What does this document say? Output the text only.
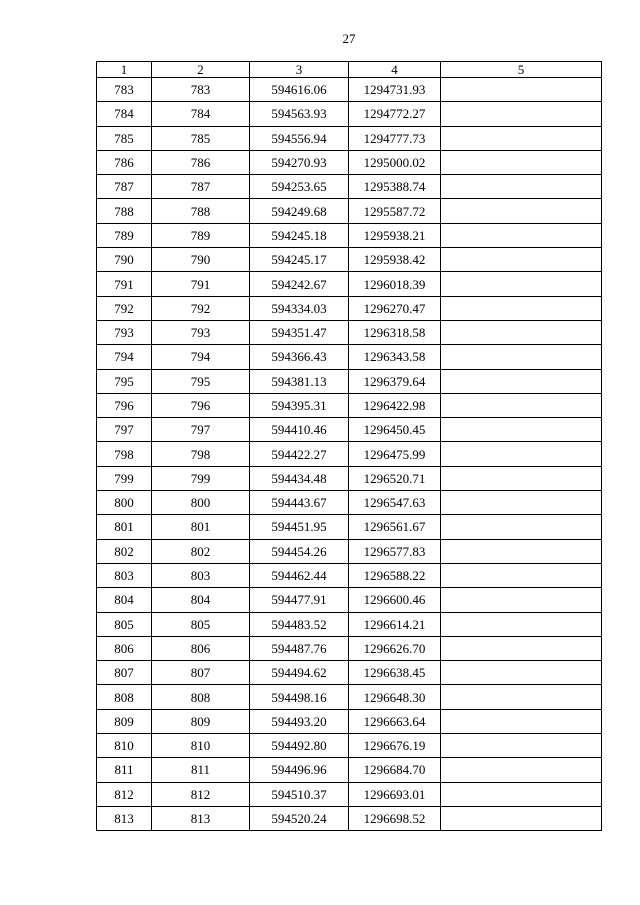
27
1	2	3	4	5
783	783	594616.06	1294731.93	
784	784	594563.93	1294772.27	
785	785	594556.94	1294777.73	
786	786	594270.93	1295000.02	
787	787	594253.65	1295388.74	
788	788	594249.68	1295587.72	
789	789	594245.18	1295938.21	
790	790	594245.17	1295938.42	
791	791	594242.67	1296018.39	
792	792	594334.03	1296270.47	
793	793	594351.47	1296318.58	
794	794	594366.43	1296343.58	
795	795	594381.13	1296379.64	
796	796	594395.31	1296422.98	
797	797	594410.46	1296450.45	
798	798	594422.27	1296475.99	
799	799	594434.48	1296520.71	
800	800	594443.67	1296547.63	
801	801	594451.95	1296561.67	
802	802	594454.26	1296577.83	
803	803	594462.44	1296588.22	
804	804	594477.91	1296600.46	
805	805	594483.52	1296614.21	
806	806	594487.76	1296626.70	
807	807	594494.62	1296638.45	
808	808	594498.16	1296648.30	
809	809	594493.20	1296663.64	
810	810	594492.80	1296676.19	
811	811	594496.96	1296684.70	
812	812	594510.37	1296693.01	
813	813	594520.24	1296698.52	
